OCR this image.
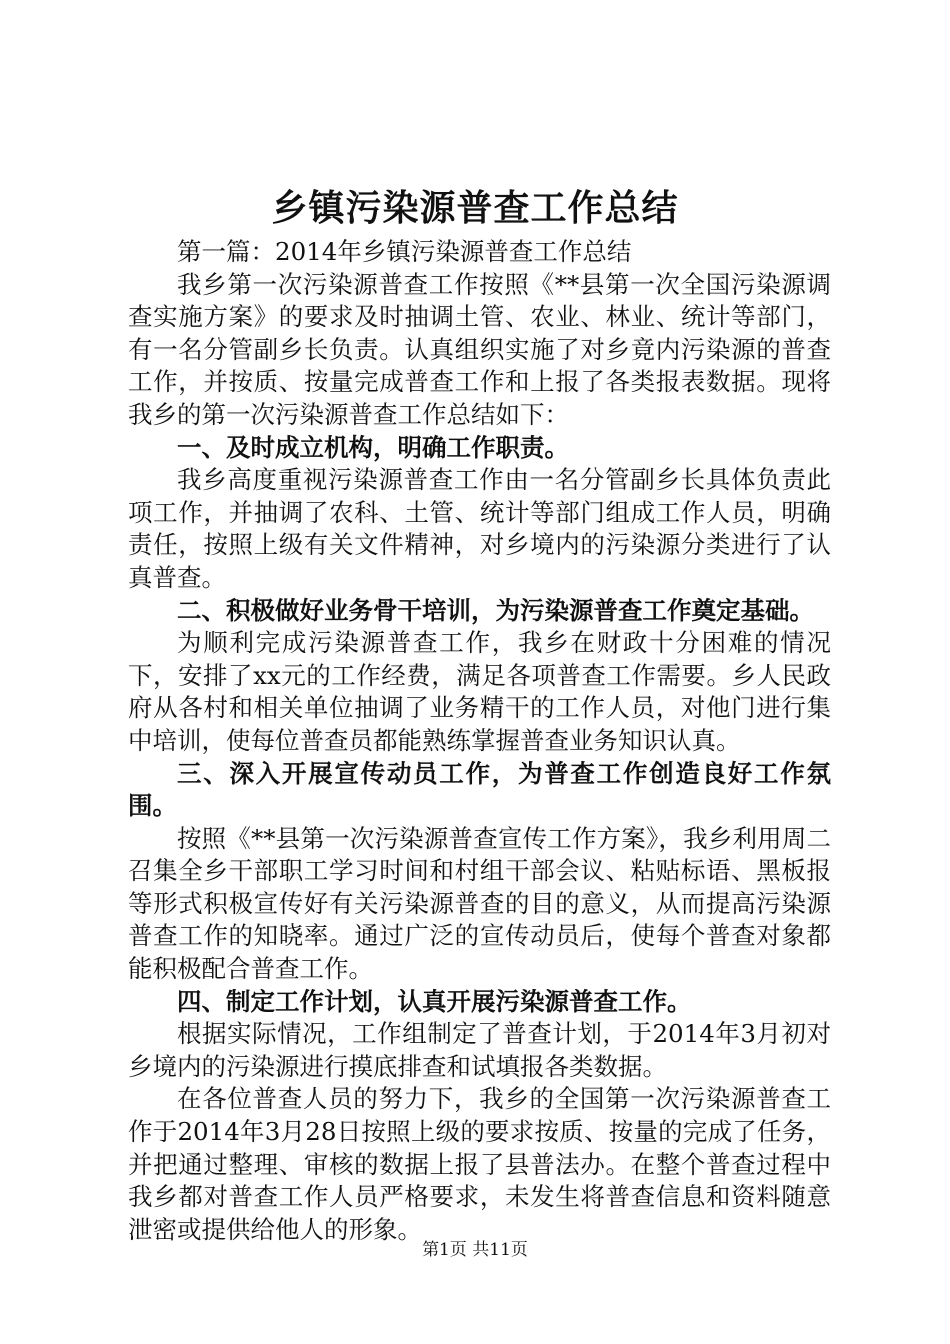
乡镇污染源普查工作总结

第一篇：2014年乡镇污染源普查工作总结

我乡第一次污染源普查工作按照《**县第一次全国污染源调查实施方案》的要求及时抽调土管、农业、林业、统计等部门，有一名分管副乡长负责。认真组织实施了对乡竟内污染源的普查工作，并按质、按量完成普查工作和上报了各类报表数据。现将我乡的第一次污染源普查工作总结如下：

一、及时成立机构，明确工作职责。

我乡高度重视污染源普查工作由一名分管副乡长具体负责此项工作，并抽调了农科、土管、统计等部门组成工作人员，明确责任，按照上级有关文件精神，对乡境内的污染源分类进行了认真普查。

二、积极做好业务骨干培训，为污染源普查工作奠定基础。

为顺利完成污染源普查工作，我乡在财政十分困难的情况下，安排了xx元的工作经费，满足各项普查工作需要。乡人民政府从各村和相关单位抽调了业务精干的工作人员，对他门进行集中培训，使每位普查员都能熟练掌握普查业务知识认真。

三、深入开展宣传动员工作，为普查工作创造良好工作氛围。

按照《**县第一次污染源普查宣传工作方案》，我乡利用周二召集全乡干部职工学习时间和村组干部会议、粘贴标语、黑板报等形式积极宣传好有关污染源普查的目的意义，从而提高污染源普查工作的知晓率。通过广泛的宣传动员后，使每个普查对象都能积极配合普查工作。

四、制定工作计划，认真开展污染源普查工作。

根据实际情况，工作组制定了普查计划，于2014年3月初对乡境内的污染源进行摸底排查和试填报各类数据。

在各位普查人员的努力下，我乡的全国第一次污染源普查工作于2014年3月28日按照上级的要求按质、按量的完成了任务，并把通过整理、审核的数据上报了县普法办。在整个普查过程中我乡都对普查工作人员严格要求，未发生将普查信息和资料随意泄密或提供给他人的形象。

第1页 共11页
